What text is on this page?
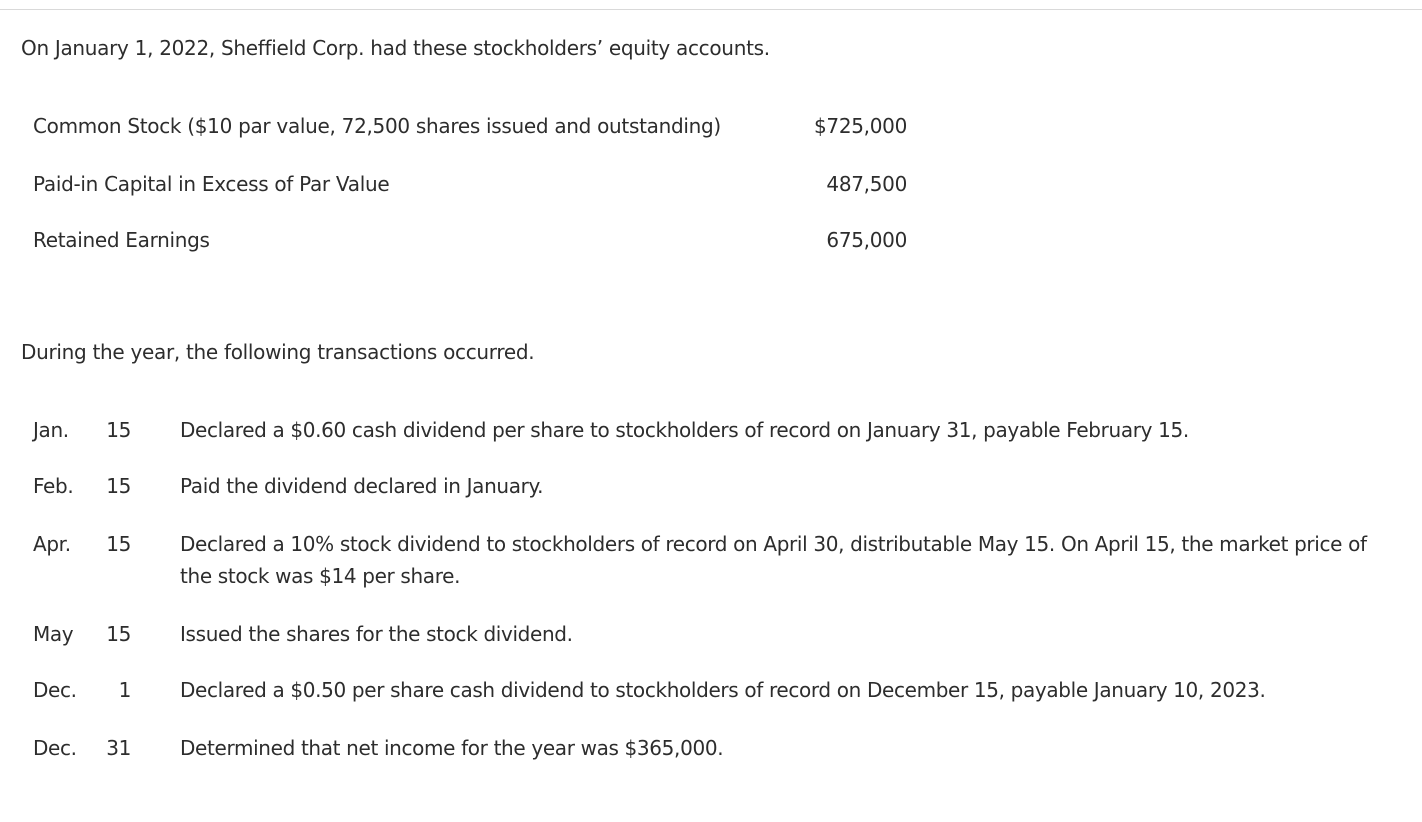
On January 1, 2022, Sheffield Corp. had these stockholders’ equity accounts.
Common Stock ($10 par value, 72,500 shares issued and outstanding)	$725,000
Paid-in Capital in Excess of Par Value	487,500
Retained Earnings	675,000
During the year, the following transactions occurred.
Jan.	15 Declared a $0.60 cash dividend per share to stockholders of record on January 31, payable February 15.
Feb.	15 Paid the dividend declared in January.
Apr.	15 Declared a 10% stock dividend to stockholders of record on April 30, distributable May 15. On April 15, the market price of the stock was $14 per share.
May	15 Issued the shares for the stock dividend.
Dec.	1 Declared a $0.50 per share cash dividend to stockholders of record on December 15, payable January 10, 2023.
Dec.	31 Determined that net income for the year was $365,000.
